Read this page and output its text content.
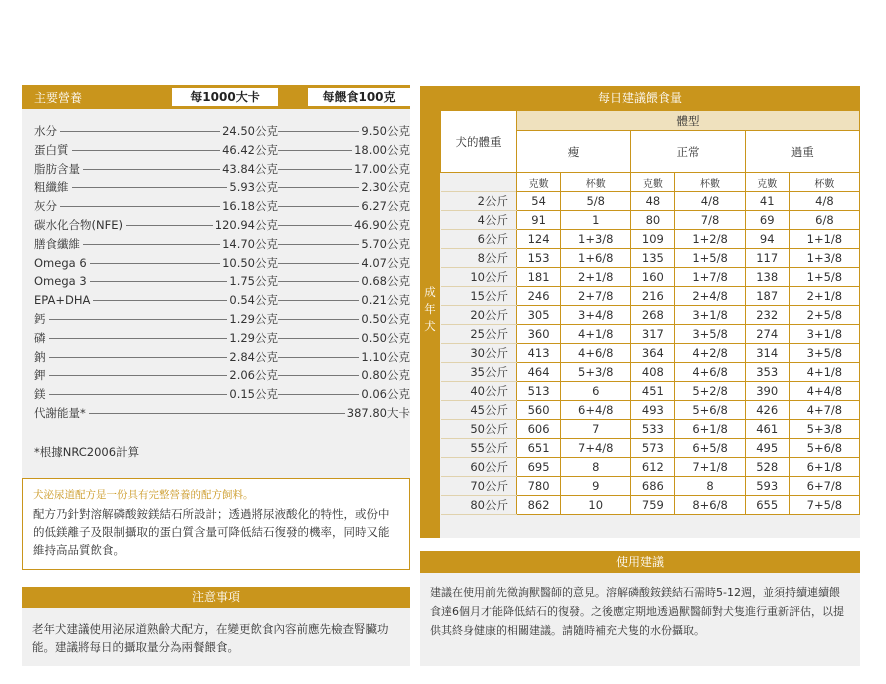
主要營養	每1000大卡	每餵食100克
水分	24.50公克	9.50公克
蛋白質	46.42公克	18.00公克
脂肪含量	43.84公克	17.00公克
粗纖維	5.93公克	2.30公克
灰分	16.18公克	6.27公克
碳水化合物(NFE)	120.94公克	46.90公克
膳食纖維	14.70公克	5.70公克
Omega 6	10.50公克	4.07公克
Omega 3	1.75公克	0.68公克
EPA+DHA	0.54公克	0.21公克
鈣	1.29公克	0.50公克
磷	1.29公克	0.50公克
鈉	2.84公克	1.10公克
鉀	2.06公克	0.80公克
鎂	0.15公克	0.06公克
代謝能量*	387.80大卡
*根據NRC2006計算
犬泌尿道配方是一份具有完整營養的配方飼料。
配方乃針對溶解磷酸銨鎂結石所設計；透過將尿液酸化的特性，或份中的低鎂離子及限制攝取的蛋白質含量可降低結石復發的機率，同時又能維持高品質飲食。
注意事項
老年犬建議使用泌尿道熟齡犬配方，在變更飲食內容前應先檢查腎臟功能。建議將每日的攝取量分為兩餐餵食。
每日建議餵食量
成年犬
犬的體重	體型					
	瘦		正常		過重	
	克數	杯數	克數	杯數	克數	杯數
2公斤	54	5/8	48	4/8	41	4/8
4公斤	91	1	80	7/8	69	6/8
6公斤	124	1+3/8	109	1+2/8	94	1+1/8
8公斤	153	1+6/8	135	1+5/8	117	1+3/8
10公斤	181	2+1/8	160	1+7/8	138	1+5/8
15公斤	246	2+7/8	216	2+4/8	187	2+1/8
20公斤	305	3+4/8	268	3+1/8	232	2+5/8
25公斤	360	4+1/8	317	3+5/8	274	3+1/8
30公斤	413	4+6/8	364	4+2/8	314	3+5/8
35公斤	464	5+3/8	408	4+6/8	353	4+1/8
40公斤	513	6	451	5+2/8	390	4+4/8
45公斤	560	6+4/8	493	5+6/8	426	4+7/8
50公斤	606	7	533	6+1/8	461	5+3/8
55公斤	651	7+4/8	573	6+5/8	495	5+6/8
60公斤	695	8	612	7+1/8	528	6+1/8
70公斤	780	9	686	8	593	6+7/8
80公斤	862	10	759	8+6/8	655	7+5/8
使用建議
建議在使用前先徵詢獸醫師的意見。溶解磷酸銨鎂結石需時5-12週，並須持續連續餵食達6個月才能降低結石的復發。之後應定期地透過獸醫師對犬隻進行重新評估，以提供其終身健康的相關建議。請隨時補充犬隻的水份攝取。
